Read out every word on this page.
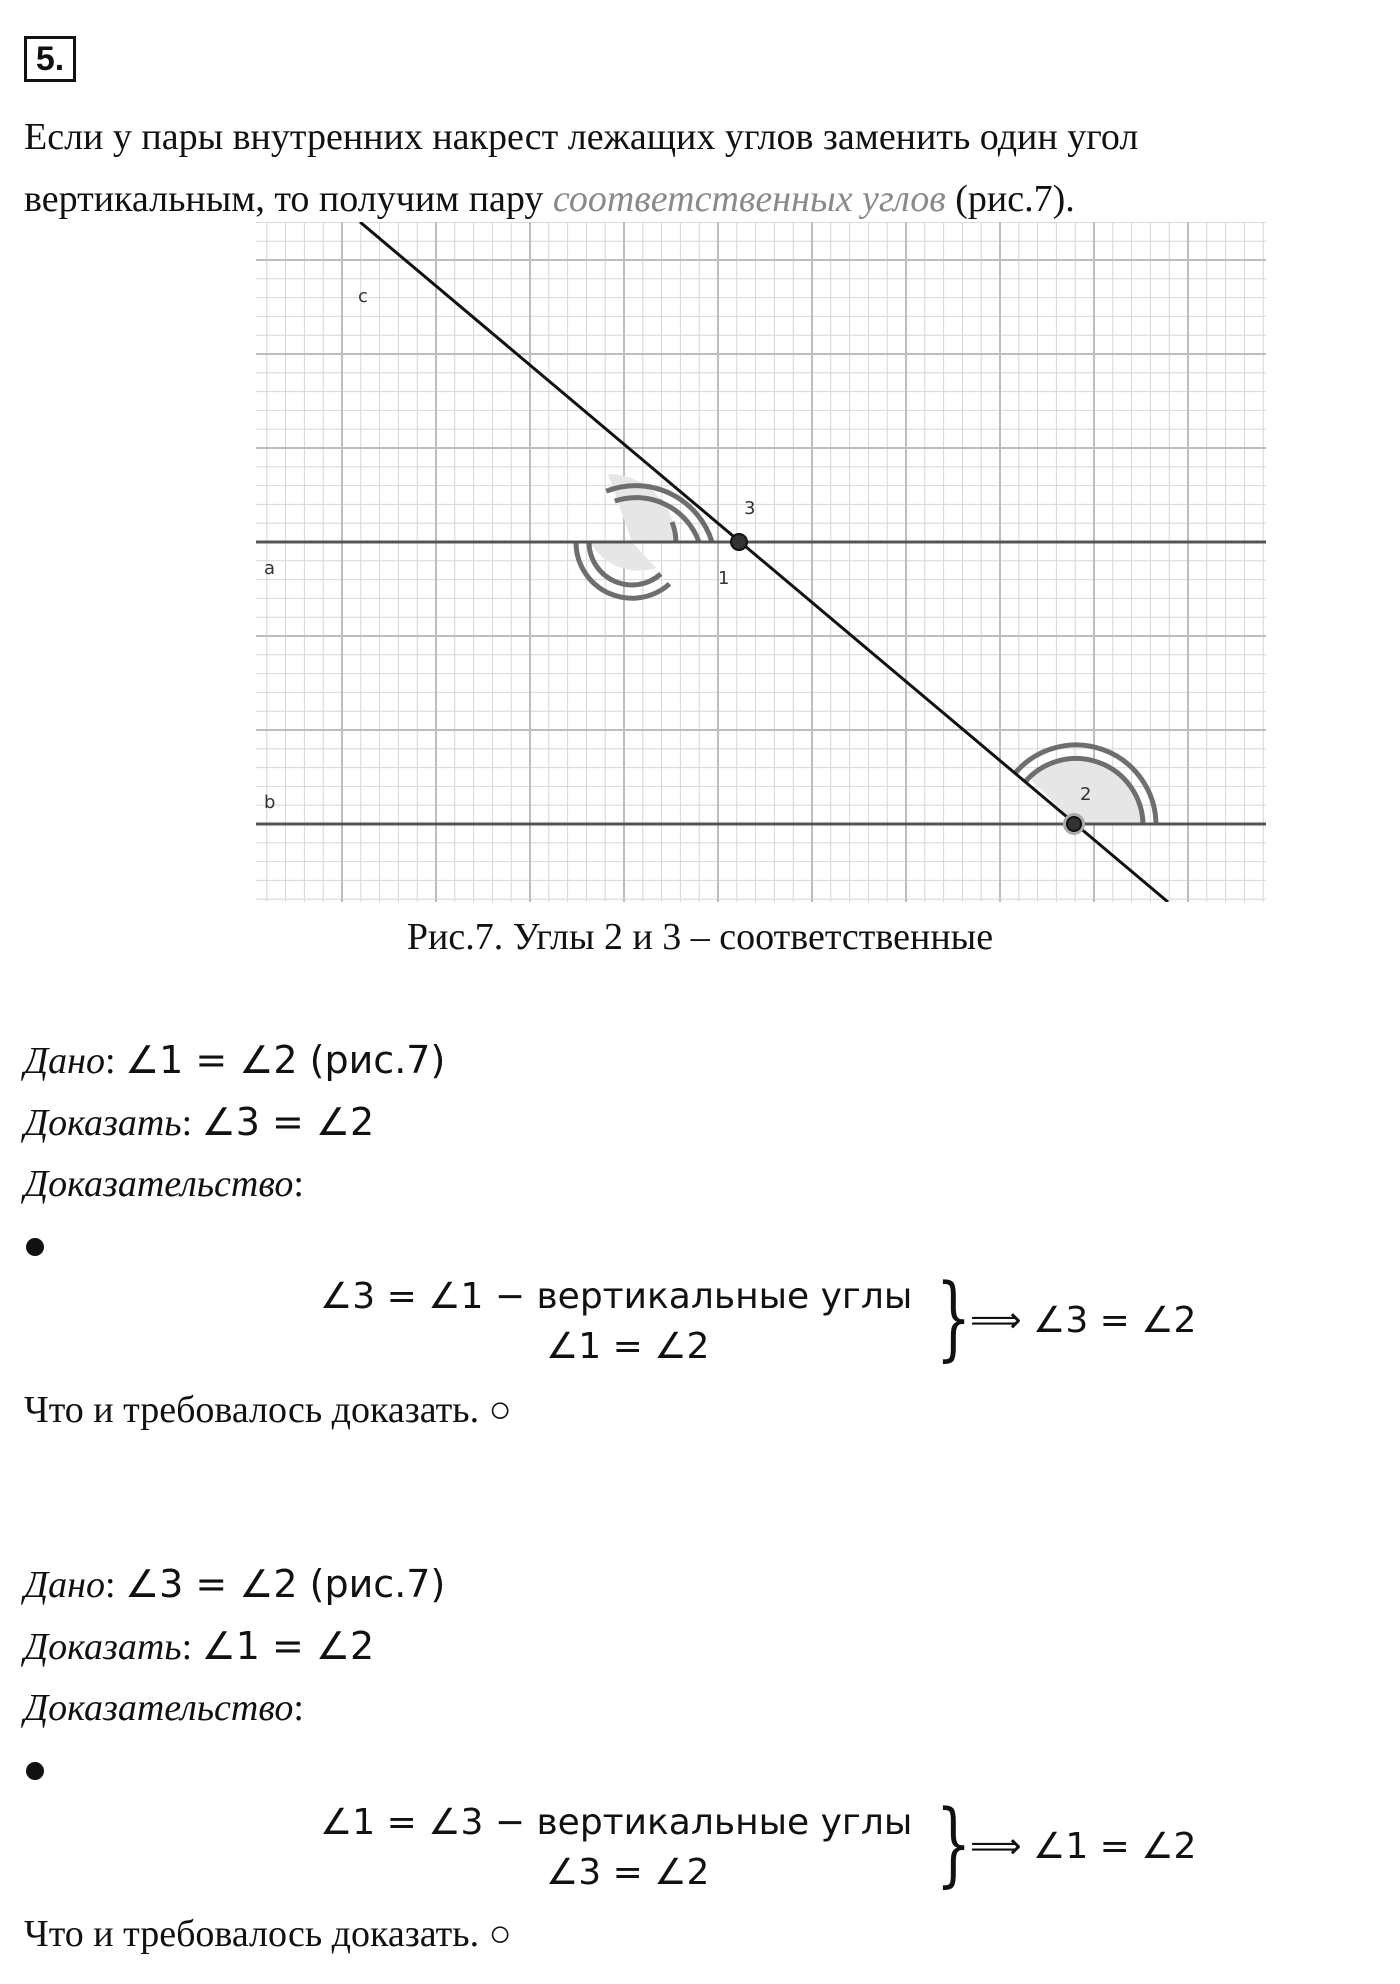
5.
Если у пары внутренних накрест лежащих углов заменить один угол вертикальным, то получим пару соответственных углов (рис.7).
c
a
b
3
1
2
Рис.7. Углы 2 и 3 – соответственные
Дано: ∠1 = ∠2 (рис.7)
Доказать: ∠3 = ∠2
Доказательство:
∠3 = ∠1 − вертикальные углы
∠1 = ∠2 }
⟹ ∠3 = ∠2
Что и требовалось доказать. ○
Дано: ∠3 = ∠2 (рис.7)
Доказать: ∠1 = ∠2
Доказательство:
∠1 = ∠3 − вертикальные углы
∠3 = ∠2 }
⟹ ∠1 = ∠2
Что и требовалось доказать. ○
